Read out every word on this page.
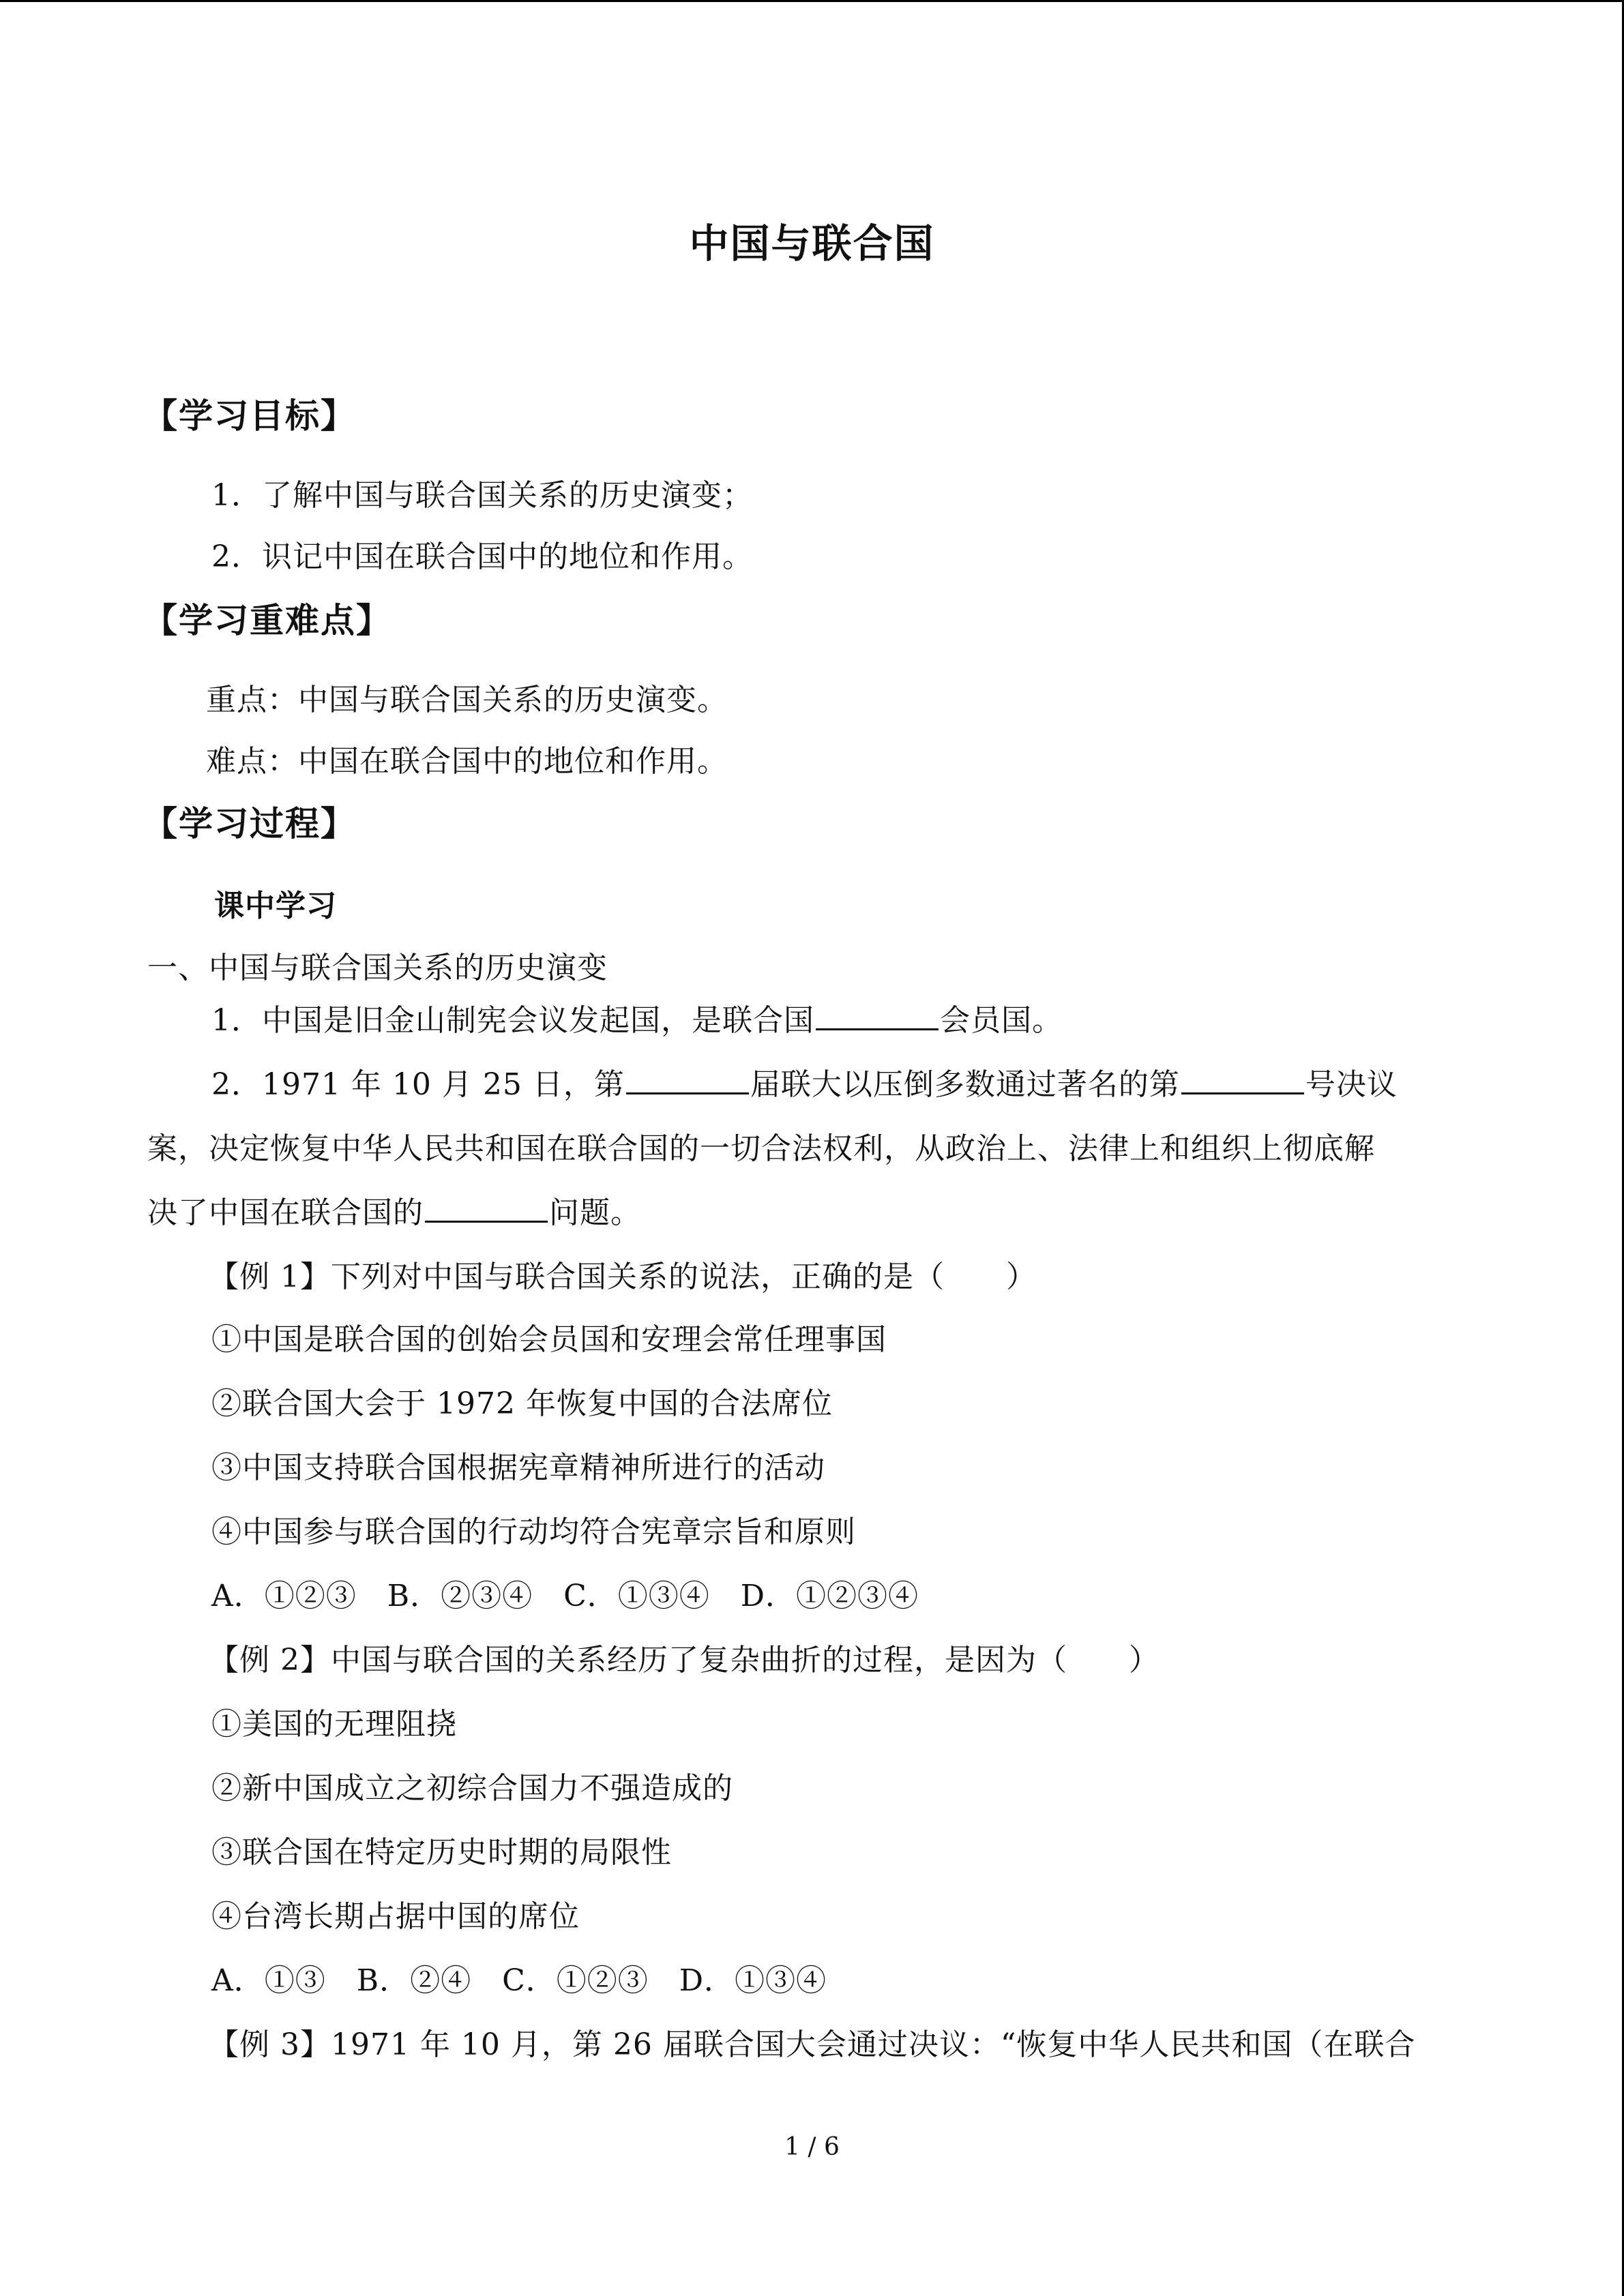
中国与联合国
【学习目标】
1．了解中国与联合国关系的历史演变；
2．识记中国在联合国中的地位和作用。
【学习重难点】
重点：中国与联合国关系的历史演变。
难点：中国在联合国中的地位和作用。
【学习过程】
课中学习
一、中国与联合国关系的历史演变
1．中国是旧金山制宪会议发起国，是联合国	会员国。
2．1971 年 10 月 25 日，第	届联大以压倒多数通过著名的第	号决议
案，决定恢复中华人民共和国在联合国的一切合法权利，从政治上、法律上和组织上彻底解
决了中国在联合国的	问题。
【例 1】下列对中国与联合国关系的说法，正确的是（　　）
①中国是联合国的创始会员国和安理会常任理事国
②联合国大会于 1972 年恢复中国的合法席位
③中国支持联合国根据宪章精神所进行的活动
④中国参与联合国的行动均符合宪章宗旨和原则
A．①②③　B．②③④　C．①③④　D．①②③④
【例 2】中国与联合国的关系经历了复杂曲折的过程，是因为（　　）
①美国的无理阻挠
②新中国成立之初综合国力不强造成的
③联合国在特定历史时期的局限性
④台湾长期占据中国的席位
A．①③　B．②④　C．①②③　D．①③④
【例 3】1971 年 10 月，第 26 届联合国大会通过决议：“恢复中华人民共和国（在联合
1 / 6
